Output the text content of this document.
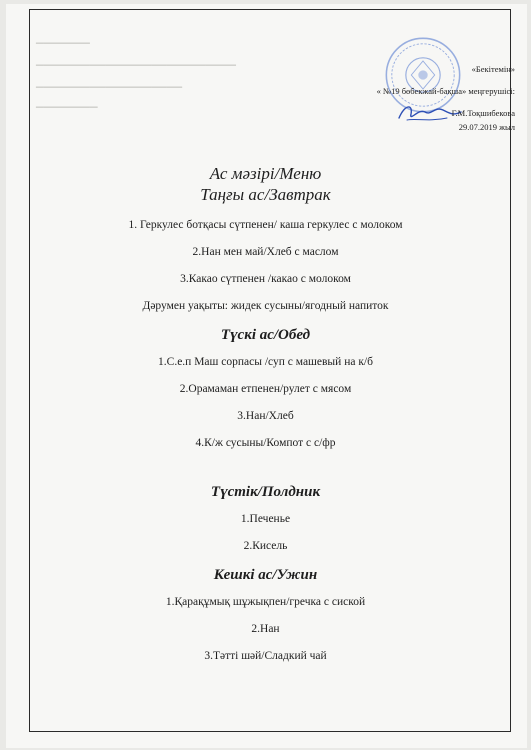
▔▔▔▔▔▔▔
▔▔▔▔▔▔▔▔▔▔▔▔▔▔▔▔▔▔▔▔▔▔▔▔▔▔
▔▔▔▔▔▔▔▔▔▔▔▔▔▔▔▔▔▔▔
▔▔▔▔▔▔▔▔
«Бекітемін»
« №19 бөбекжай-бақша» меңгерушісі:
Г.М.Тоқшибекова
29.07.2019 жыл
Ас мәзірі/Меню
Таңғы ас/Завтрак
1. Геркулес ботқасы сүтпенен/ каша геркулес с молоком
2.Нан мен май/Хлеб с маслом
3.Какао сүтпенен /какао с молоком
Дәрумен уақыты: жидек сусыны/ягодный напиток
Түскі ас/Обед
1.С.е.п Маш сорпасы /суп с машевый на к/б
2.Орамаман етпенен/рулет с мясом
3.Нан/Хлеб
4.К/ж сусыны/Компот с с/фр
Түстік/Полдник
1.Печенье
2.Кисель
Кешкі ас/Ужин
1.Қарақұмық шұжықпен/гречка с сиской
2.Нан
3.Тәтті шәй/Сладкий чай
